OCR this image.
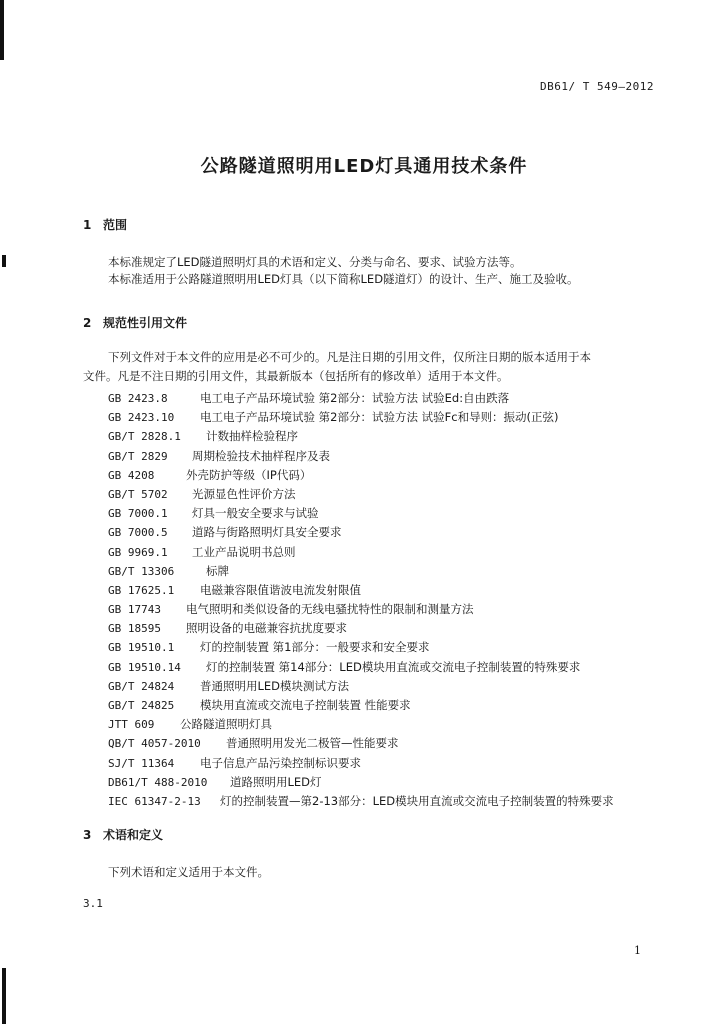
DB61/ T 549—2012
公路隧道照明用LED灯具通用技术条件
1 范围
本标准规定了LED隧道照明灯具的术语和定义、分类与命名、要求、试验方法等。
本标准适用于公路隧道照明用LED灯具（以下简称LED隧道灯）的设计、生产、施工及验收。
2 规范性引用文件
下列文件对于本文件的应用是必不可少的。凡是注日期的引用文件，仅所注日期的版本适用于本
文件。凡是不注日期的引用文件，其最新版本（包括所有的修改单）适用于本文件。
GB 2423.8	电工电子产品环境试验 第2部分：试验方法 试验Ed:自由跌落
GB 2423.10 电工电子产品环境试验 第2部分：试验方法 试验Fc和导则：振动(正弦)
GB/T 2828.1 计数抽样检验程序
GB/T 2829 周期检验技术抽样程序及表
GB 4208	外壳防护等级（IP代码）
GB/T 5702 光源显色性评价方法
GB 7000.1 灯具一般安全要求与试验
GB 7000.5 道路与街路照明灯具安全要求
GB 9969.1 工业产品说明书总则
GB/T 13306	标牌
GB 17625.1 电磁兼容限值谐波电流发射限值
GB 17743 电气照明和类似设备的无线电骚扰特性的限制和测量方法
GB 18595 照明设备的电磁兼容抗扰度要求
GB 19510.1 灯的控制装置 第1部分：一般要求和安全要求
GB 19510.14 灯的控制装置 第14部分：LED模块用直流或交流电子控制装置的特殊要求
GB/T 24824 普通照明用LED模块测试方法
GB/T 24825 模块用直流或交流电子控制装置 性能要求
JTT 609 公路隧道照明灯具
QB/T 4057-2010 普通照明用发光二极管—性能要求
SJ/T 11364 电子信息产品污染控制标识要求
DB61/T 488-2010 道路照明用LED灯
IEC 61347-2-13 灯的控制装置—第2-13部分：LED模块用直流或交流电子控制装置的特殊要求
3 术语和定义
下列术语和定义适用于本文件。
3.1
1
